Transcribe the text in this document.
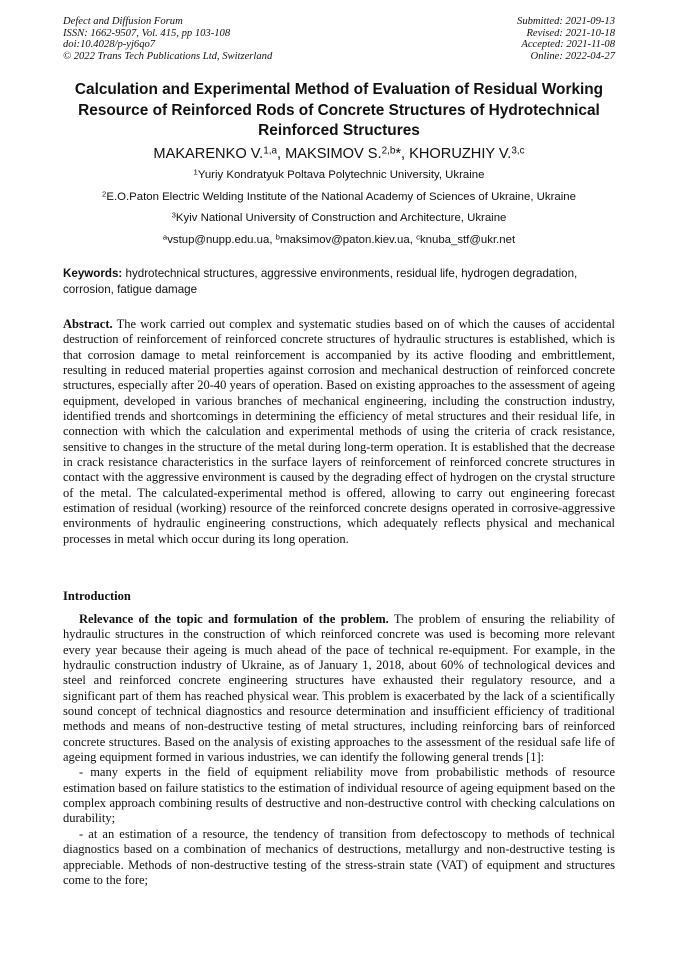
Defect and Diffusion Forum
ISSN: 1662-9507, Vol. 415, pp 103-108
doi:10.4028/p-yj6qo7
© 2022 Trans Tech Publications Ltd, Switzerland
Submitted: 2021-09-13
Revised: 2021-10-18
Accepted: 2021-11-08
Online: 2022-04-27
Calculation and Experimental Method of Evaluation of Residual Working Resource of Reinforced Rods of Concrete Structures of Hydrotechnical Reinforced Structures
MAKARENKO V.$^{1,a}$, MAKSIMOV S.$^{2,b}$*, KHORUZHIY V.$^{3,c}$
$^1$Yuriy Kondratyuk Poltava Polytechnic University, Ukraine
$^2$E.O.Paton Electric Welding Institute of the National Academy of Sciences of Ukraine, Ukraine
$^3$Kyiv National University of Construction and Architecture, Ukraine
$^a$vstup@nupp.edu.ua, $^b$maksimov@paton.kiev.ua, $^c$knuba_stf@ukr.net
Keywords: hydrotechnical structures, aggressive environments, residual life, hydrogen degradation, corrosion, fatigue damage
Abstract. The work carried out complex and systematic studies based on of which the causes of accidental destruction of reinforcement of reinforced concrete structures of hydraulic structures is established, which is that corrosion damage to metal reinforcement is accompanied by its active flooding and embrittlement, resulting in reduced material properties against corrosion and mechanical destruction of reinforced concrete structures, especially after 20-40 years of operation. Based on existing approaches to the assessment of ageing equipment, developed in various branches of mechanical engineering, including the construction industry, identified trends and shortcomings in determining the efficiency of metal structures and their residual life, in connection with which the calculation and experimental methods of using the criteria of crack resistance, sensitive to changes in the structure of the metal during long-term operation. It is established that the decrease in crack resistance characteristics in the surface layers of reinforcement of reinforced concrete structures in contact with the aggressive environment is caused by the degrading effect of hydrogen on the crystal structure of the metal. The calculated-experimental method is offered, allowing to carry out engineering forecast estimation of residual (working) resource of the reinforced concrete designs operated in corrosive-aggressive environments of hydraulic engineering constructions, which adequately reflects physical and mechanical processes in metal which occur during its long operation.
Introduction

Relevance of the topic and formulation of the problem. The problem of ensuring the reliability of hydraulic structures in the construction of which reinforced concrete was used is becoming more relevant every year because their ageing is much ahead of the pace of technical re-equipment. For example, in the hydraulic construction industry of Ukraine, as of January 1, 2018, about 60% of technological devices and steel and reinforced concrete engineering structures have exhausted their regulatory resource, and a significant part of them has reached physical wear. This problem is exacerbated by the lack of a scientifically sound concept of technical diagnostics and resource determination and insufficient efficiency of traditional methods and means of non-destructive testing of metal structures, including reinforcing bars of reinforced concrete structures. Based on the analysis of existing approaches to the assessment of the residual safe life of ageing equipment formed in various industries, we can identify the following general trends [1]:

- many experts in the field of equipment reliability move from probabilistic methods of resource estimation based on failure statistics to the estimation of individual resource of ageing equipment based on the complex approach combining results of destructive and non-destructive control with checking calculations on durability;

- at an estimation of a resource, the tendency of transition from defectoscopy to methods of technical diagnostics based on a combination of mechanics of destructions, metallurgy and non-destructive testing is appreciable. Methods of non-destructive testing of the stress-strain state (VAT) of equipment and structures come to the fore;
